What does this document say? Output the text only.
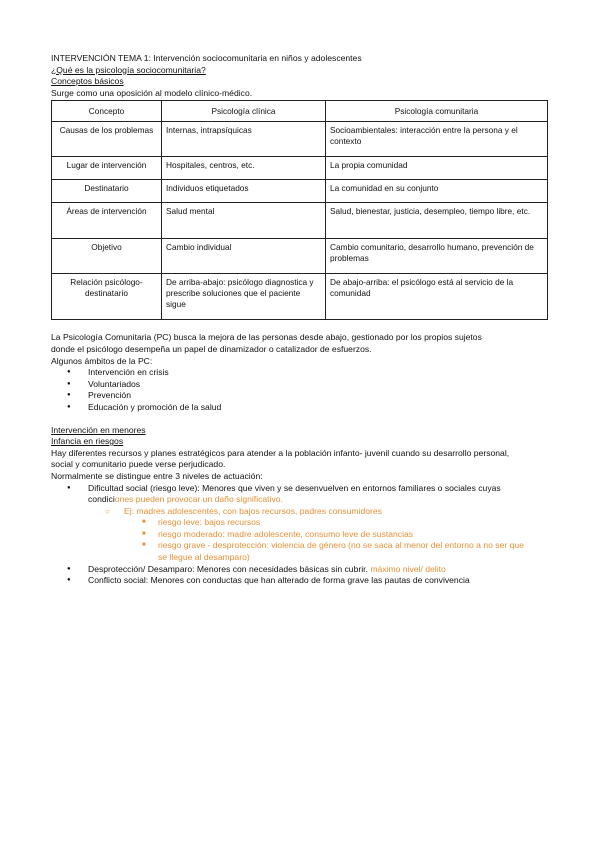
INTERVENCIÓN TEMA 1: Intervención sociocomunitaria en niños y adolescentes
¿Qué es la psicología sociocomunitaria?
Conceptos básicos
Surge como una oposición al modelo clínico-médico.
Concepto	Psicología clínica	Psicología comunitaria
Causas de los problemas	Internas, intrapsíquicas	Socioambientales: interacción entre la persona y el contexto
Lugar de intervención	Hospitales, centros, etc.	La propia comunidad
Destinatario	Individuos etiquetados	La comunidad en su conjunto
Áreas de intervención	Salud mental	Salud, bienestar, justicia, desempleo, tiempo libre, etc.
Objetivo	Cambio individual	Cambio comunitario, desarrollo humano, prevención de problemas
Relación psicólogo-destinatario	De arriba-abajo: psicólogo diagnostica y prescribe soluciones que el paciente sigue	De abajo-arriba: el psicólogo está al servicio de la comunidad
La Psicología Comunitaria (PC) busca la mejora de las personas desde abajo, gestionado por los propios sujetos
donde el psicólogo desempeña un papel de dinamizador o catalizador de esfuerzos.
Algunos ámbitos de la PC:
● Intervención en crisis
● Voluntariados
● Prevención
● Educación y promoción de la salud
Intervención en menores
Infancia en riesgos
Hay diferentes recursos y planes estratégicos para atender a la población infanto- juvenil cuando su desarrollo personal,
social y comunitario puede verse perjudicado.
Normalmente se distingue entre 3 niveles de actuación:
● Dificultad social (riesgo leve): Menores que viven y se desenvuelven en entornos familiares o sociales cuyas
condiciones pueden provocar un daño significativo.
○ Ej: madres adolescentes, con bajos recursos, padres consumidores
■ riesgo leve: bajos recursos
■ riesgo moderado: madre adolescente, consumo leve de sustancias
■ riesgo grave - desprotección: violencia de género (no se saca al menor del entorno a no ser que
se llegue al desamparo)
● Desprotección/ Desamparo: Menores con necesidades básicas sin cubrir. máximo nivel/ delito
● Conflicto social: Menores con conductas que han alterado de forma grave las pautas de convivencia
